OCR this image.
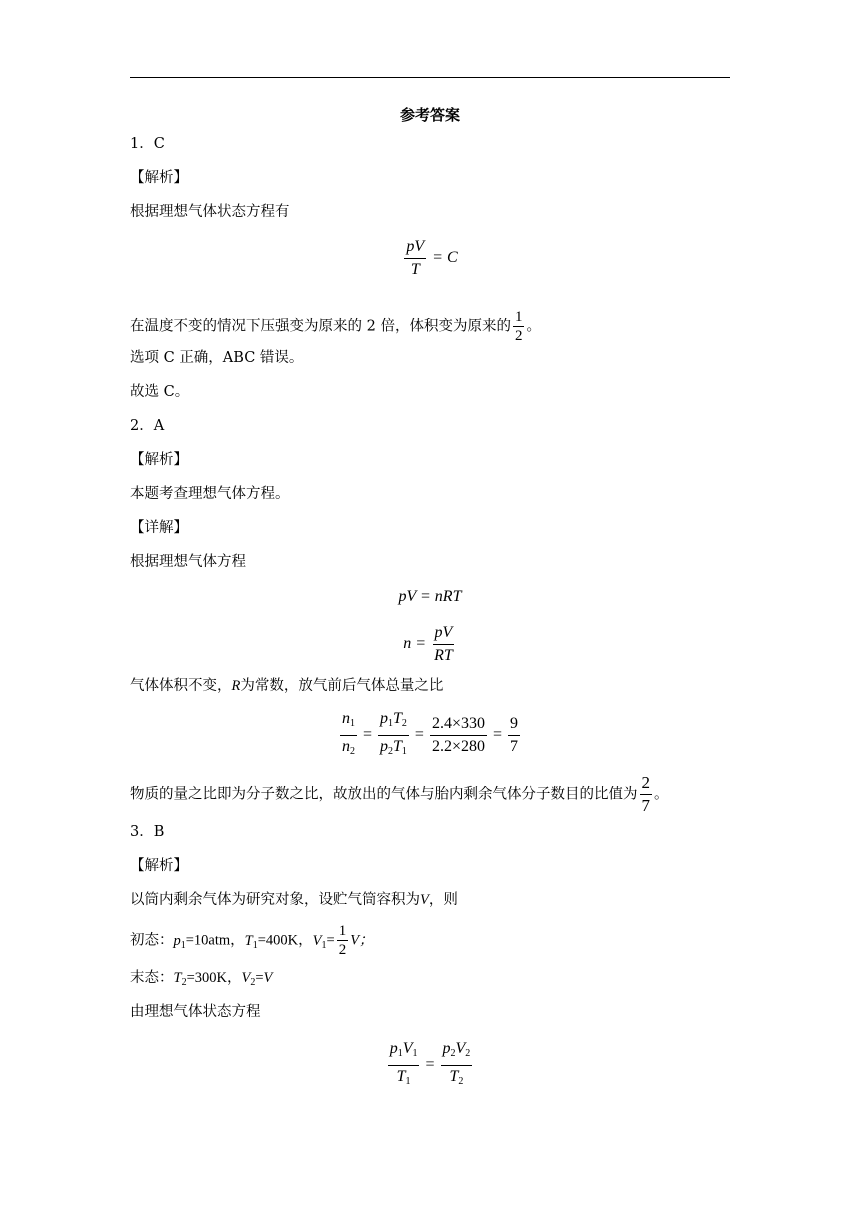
参考答案
1．C
【解析】
根据理想气体状态方程有
$\frac{pV}{T} = C$
在温度不变的情况下压强变为原来的 2 倍，体积变为原来的 $\frac{1}{2}$ 。
选项 C 正确，ABC 错误。
故选 C。
2．A
【解析】
本题考查理想气体方程。
【详解】
根据理想气体方程
pV = nRT
$n = \frac{pV}{RT}$
气体体积不变，R为常数，放气前后气体总量之比
$\frac{n_1}{n_2} = \frac{p_1T_2}{p_2T_1} = \frac{2.4\times 330}{2.2\times 280} = \frac{9}{7}$
物质的量之比即为分子数之比，故放出的气体与胎内剩余气体分子数目的比值为 $\frac{2}{7}$ 。
3．B
【解析】
以筒内剩余气体为研究对象，设贮气筒容积为V，则
初态：$p_1=10atm$，$T_1=400K$，$V_1= \frac{1}{2}$ V；
末态：$T_2=300K$，$V_2=V$
由理想气体状态方程
$\frac{p_1V_1}{T_1} = \frac{p_2V_2}{T_2}$
